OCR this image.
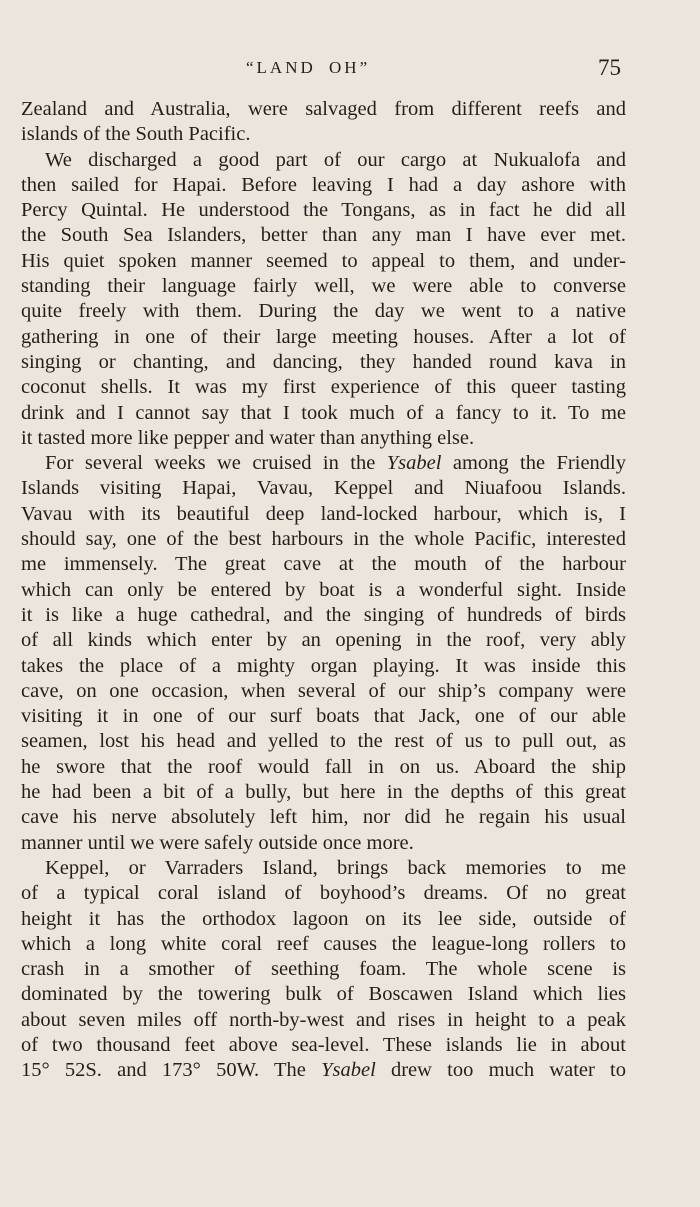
“LAND OH”	75
Zealand and Australia, were salvaged from different reefs and
islands of the South Pacific.
We discharged a good part of our cargo at Nukualofa and
then sailed for Hapai. Before leaving I had a day ashore with
Percy Quintal. He understood the Tongans, as in fact he did all
the South Sea Islanders, better than any man I have ever met.
His quiet spoken manner seemed to appeal to them, and under-
standing their language fairly well, we were able to converse
quite freely with them. During the day we went to a native
gathering in one of their large meeting houses. After a lot of
singing or chanting, and dancing, they handed round kava in
coconut shells. It was my first experience of this queer tasting
drink and I cannot say that I took much of a fancy to it. To me
it tasted more like pepper and water than anything else.
For several weeks we cruised in the Ysabel among the Friendly
Islands visiting Hapai, Vavau, Keppel and Niuafoou Islands.
Vavau with its beautiful deep land-locked harbour, which is, I
should say, one of the best harbours in the whole Pacific, interested
me immensely. The great cave at the mouth of the harbour
which can only be entered by boat is a wonderful sight. Inside
it is like a huge cathedral, and the singing of hundreds of birds
of all kinds which enter by an opening in the roof, very ably
takes the place of a mighty organ playing. It was inside this
cave, on one occasion, when several of our ship’s company were
visiting it in one of our surf boats that Jack, one of our able
seamen, lost his head and yelled to the rest of us to pull out, as
he swore that the roof would fall in on us. Aboard the ship
he had been a bit of a bully, but here in the depths of this great
cave his nerve absolutely left him, nor did he regain his usual
manner until we were safely outside once more.
Keppel, or Varraders Island, brings back memories to me
of a typical coral island of boyhood’s dreams. Of no great
height it has the orthodox lagoon on its lee side, outside of
which a long white coral reef causes the league-long rollers to
crash in a smother of seething foam. The whole scene is
dominated by the towering bulk of Boscawen Island which lies
about seven miles off north-by-west and rises in height to a peak
of two thousand feet above sea-level. These islands lie in about
15° 52S. and 173° 50W. The Ysabel drew too much water to
